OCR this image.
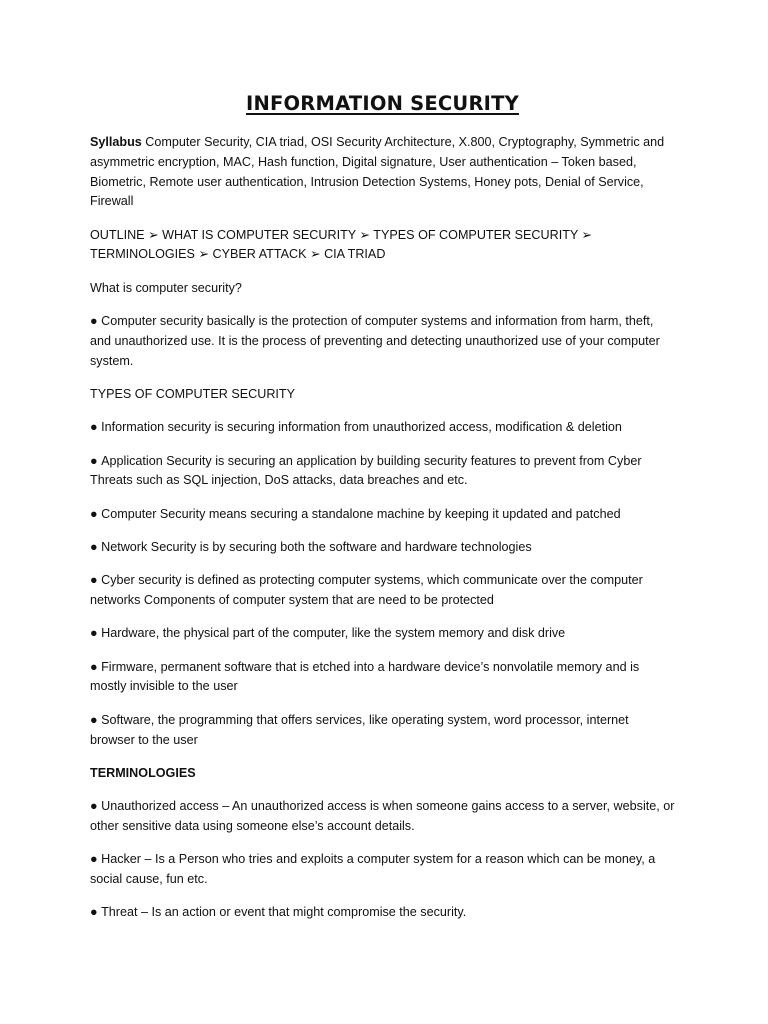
INFORMATION SECURITY

Syllabus Computer Security, CIA triad, OSI Security Architecture, X.800, Cryptography, Symmetric and asymmetric encryption, MAC, Hash function, Digital signature, User authentication – Token based, Biometric, Remote user authentication, Intrusion Detection Systems, Honey pots, Denial of Service, Firewall

OUTLINE ➢ WHAT IS COMPUTER SECURITY ➢ TYPES OF COMPUTER SECURITY ➢ TERMINOLOGIES ➢ CYBER ATTACK ➢ CIA TRIAD

What is computer security?

● Computer security basically is the protection of computer systems and information from harm, theft, and unauthorized use. It is the process of preventing and detecting unauthorized use of your computer system.

TYPES OF COMPUTER SECURITY

● Information security is securing information from unauthorized access, modification & deletion

● Application Security is securing an application by building security features to prevent from Cyber Threats such as SQL injection, DoS attacks, data breaches and etc.

● Computer Security means securing a standalone machine by keeping it updated and patched

● Network Security is by securing both the software and hardware technologies

● Cyber security is defined as protecting computer systems, which communicate over the computer networks Components of computer system that are need to be protected

● Hardware, the physical part of the computer, like the system memory and disk drive

● Firmware, permanent software that is etched into a hardware device’s nonvolatile memory and is mostly invisible to the user

● Software, the programming that offers services, like operating system, word processor, internet browser to the user

TERMINOLOGIES

● Unauthorized access – An unauthorized access is when someone gains access to a server, website, or other sensitive data using someone else’s account details.

● Hacker – Is a Person who tries and exploits a computer system for a reason which can be money, a social cause, fun etc.

● Threat – Is an action or event that might compromise the security.
